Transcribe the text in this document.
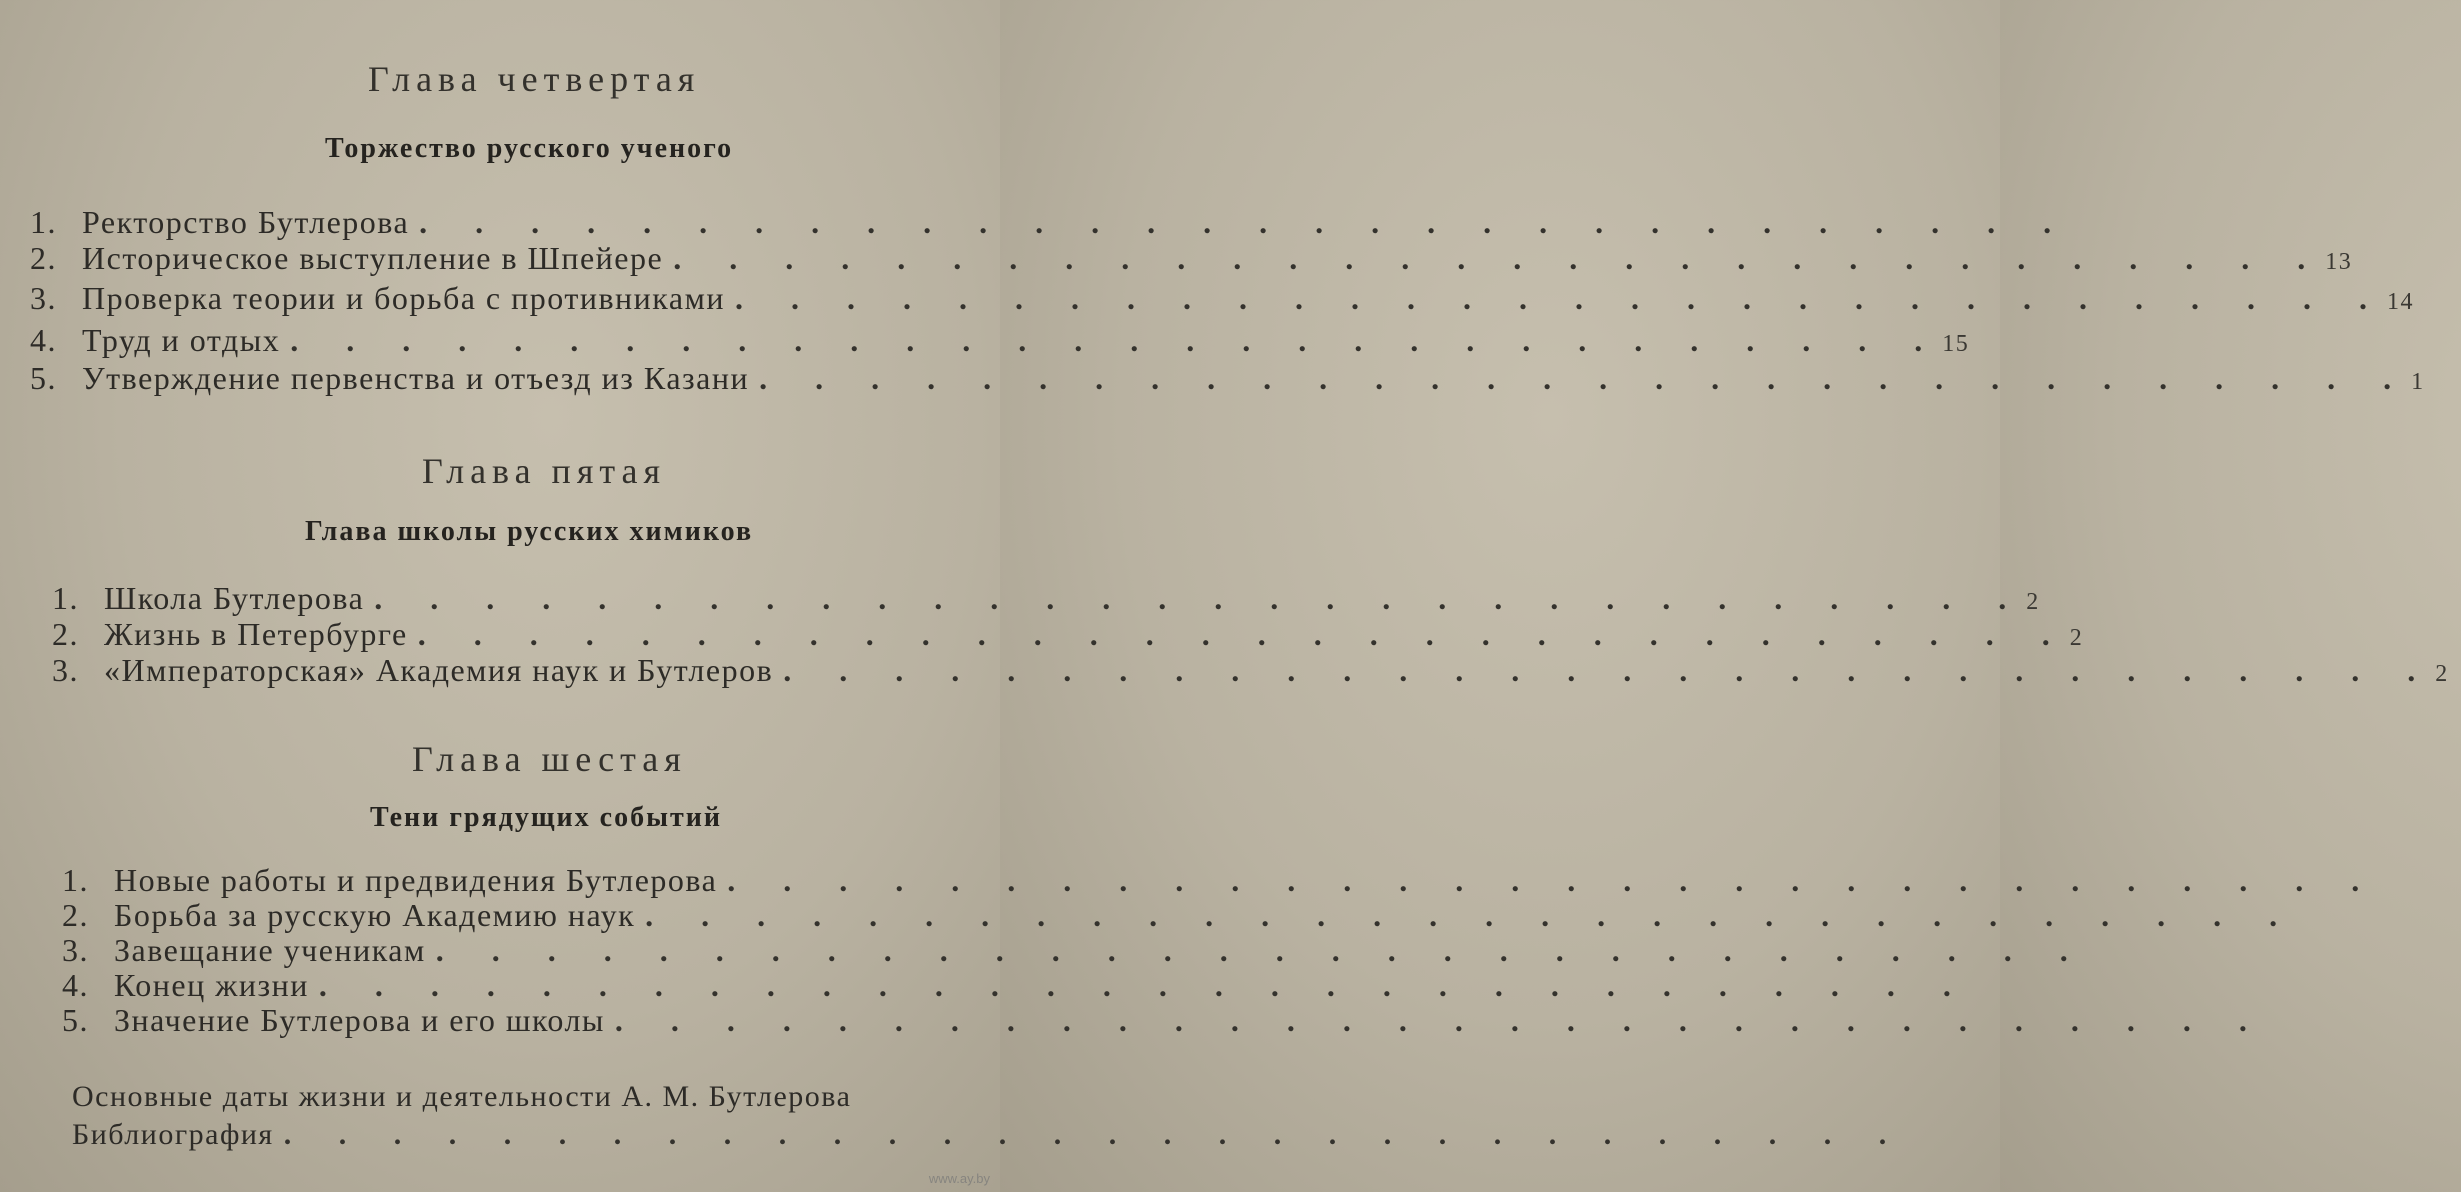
Глава четвертая
Торжество русского ученого
1. Ректорство Бутлерова . . . . . . . . . . . . . . . . . . . . . . . . . . . . . .
2. Историческое выступление в Шпейере . . . . . . . . . . . . . . . . . . . . . . . . . . . . . . 13
3. Проверка теории и борьба с противниками . . . . . . . . . . . . . . . . . . . . . . . . . . . . . . 14
4. Труд и отдых . . . . . . . . . . . . . . . . . . . . . . . . . . . . . . 15
5. Утверждение первенства и отъезд из Казани . . . . . . . . . . . . . . . . . . . . . . . . . . . . . . 1
Глава пятая
Глава школы русских химиков
1. Школа Бутлерова . . . . . . . . . . . . . . . . . . . . . . . . . . . . . . 2
2. Жизнь в Петербурге . . . . . . . . . . . . . . . . . . . . . . . . . . . . . . 2
3. «Императорская» Академия наук и Бутлеров . . . . . . . . . . . . . . . . . . . . . . . . . . . . . . 2
Глава шестая
Тени грядущих событий
1. Новые работы и предвидения Бутлерова . . . . . . . . . . . . . . . . . . . . . . . . . . . . . .
2. Борьба за русскую Академию наук . . . . . . . . . . . . . . . . . . . . . . . . . . . . . .
3. Завещание ученикам . . . . . . . . . . . . . . . . . . . . . . . . . . . . . .
4. Конец жизни . . . . . . . . . . . . . . . . . . . . . . . . . . . . . .
5. Значение Бутлерова и его школы . . . . . . . . . . . . . . . . . . . . . . . . . . . . . .
Основные даты жизни и деятельности А. М. Бутлерова
Библиография . . . . . . . . . . . . . . . . . . . . . . . . . . . . . .
www.ay.by
